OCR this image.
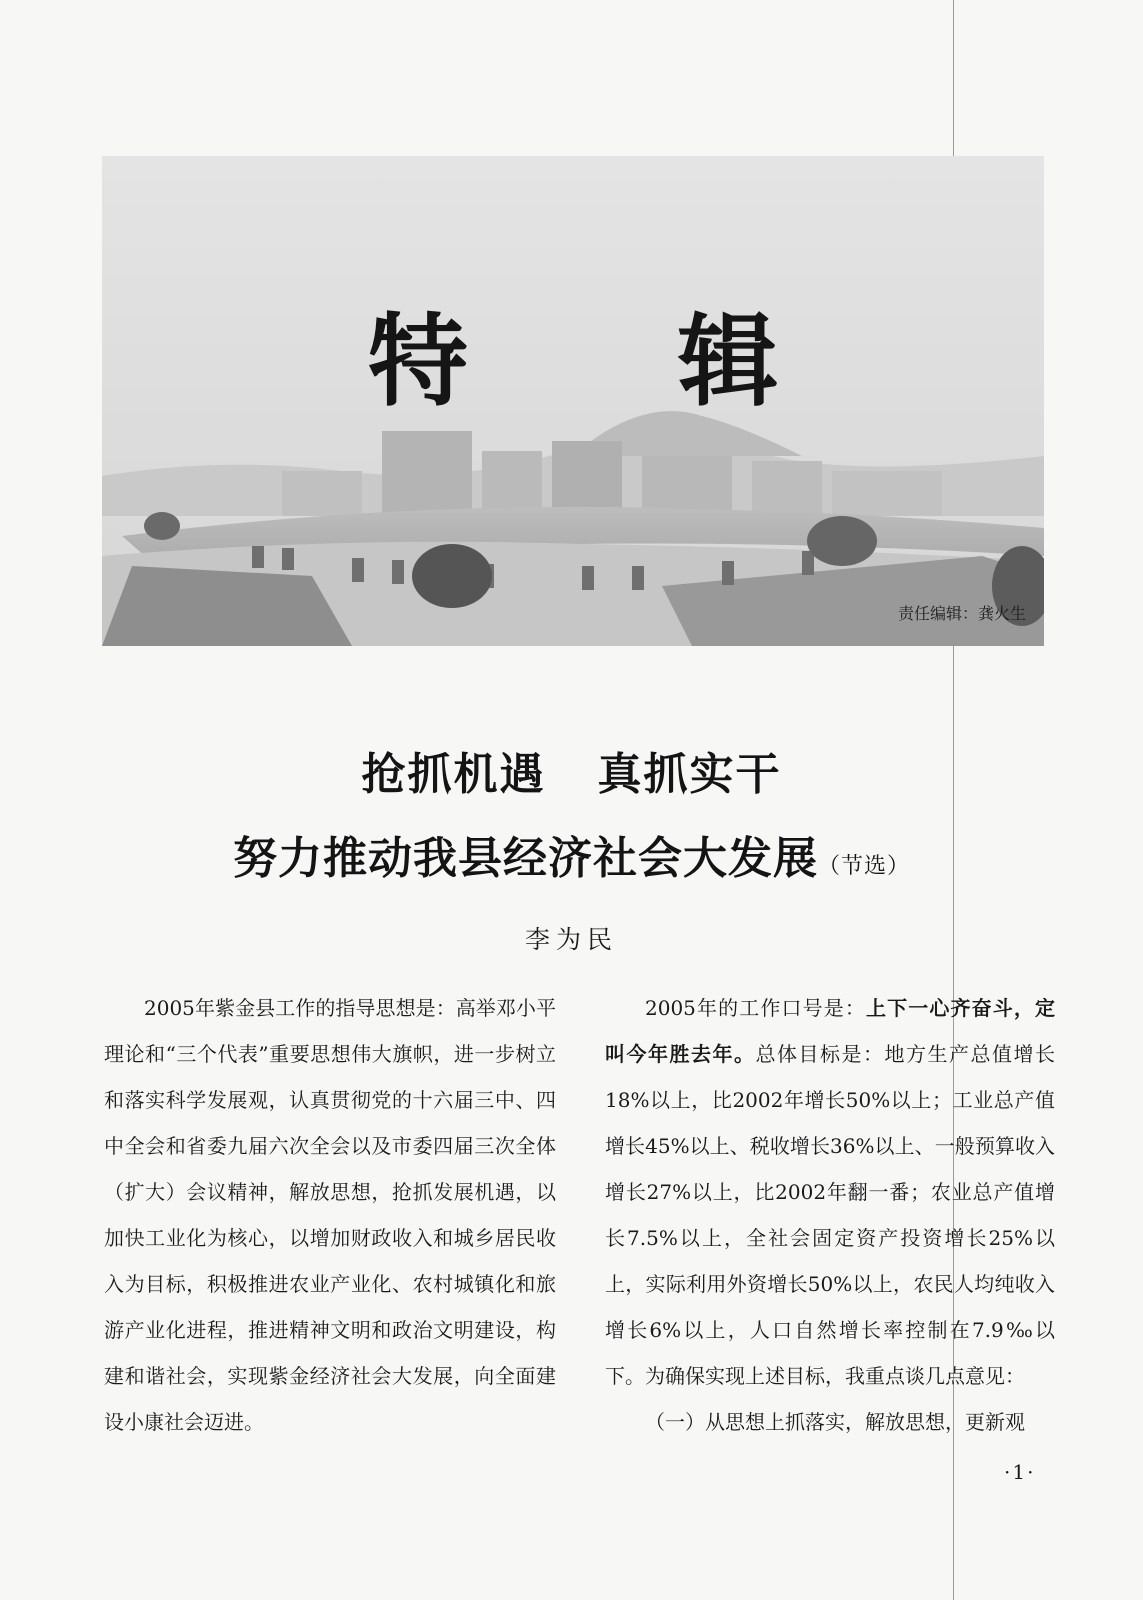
特辑
责任编辑：龚火生
抢抓机遇 真抓实干
努力推动我县经济社会大发展（节选）
李为民

2005年紫金县工作的指导思想是：高举邓小平理论和“三个代表”重要思想伟大旗帜，进一步树立和落实科学发展观，认真贯彻党的十六届三中、四中全会和省委九届六次全会以及市委四届三次全体（扩大）会议精神，解放思想，抢抓发展机遇，以加快工业化为核心，以增加财政收入和城乡居民收入为目标，积极推进农业产业化、农村城镇化和旅游产业化进程，推进精神文明和政治文明建设，构建和谐社会，实现紫金经济社会大发展，向全面建设小康社会迈进。

2005年的工作口号是：上下一心齐奋斗，定叫今年胜去年。总体目标是：地方生产总值增长18%以上，比2002年增长50%以上；工业总产值增长45%以上、税收增长36%以上、一般预算收入增长27%以上，比2002年翻一番；农业总产值增长7.5%以上，全社会固定资产投资增长25%以上，实际利用外资增长50%以上，农民人均纯收入增长6%以上，人口自然增长率控制在7.9‰以下。为确保实现上述目标，我重点谈几点意见：

（一）从思想上抓落实，解放思想，更新观

·1·
